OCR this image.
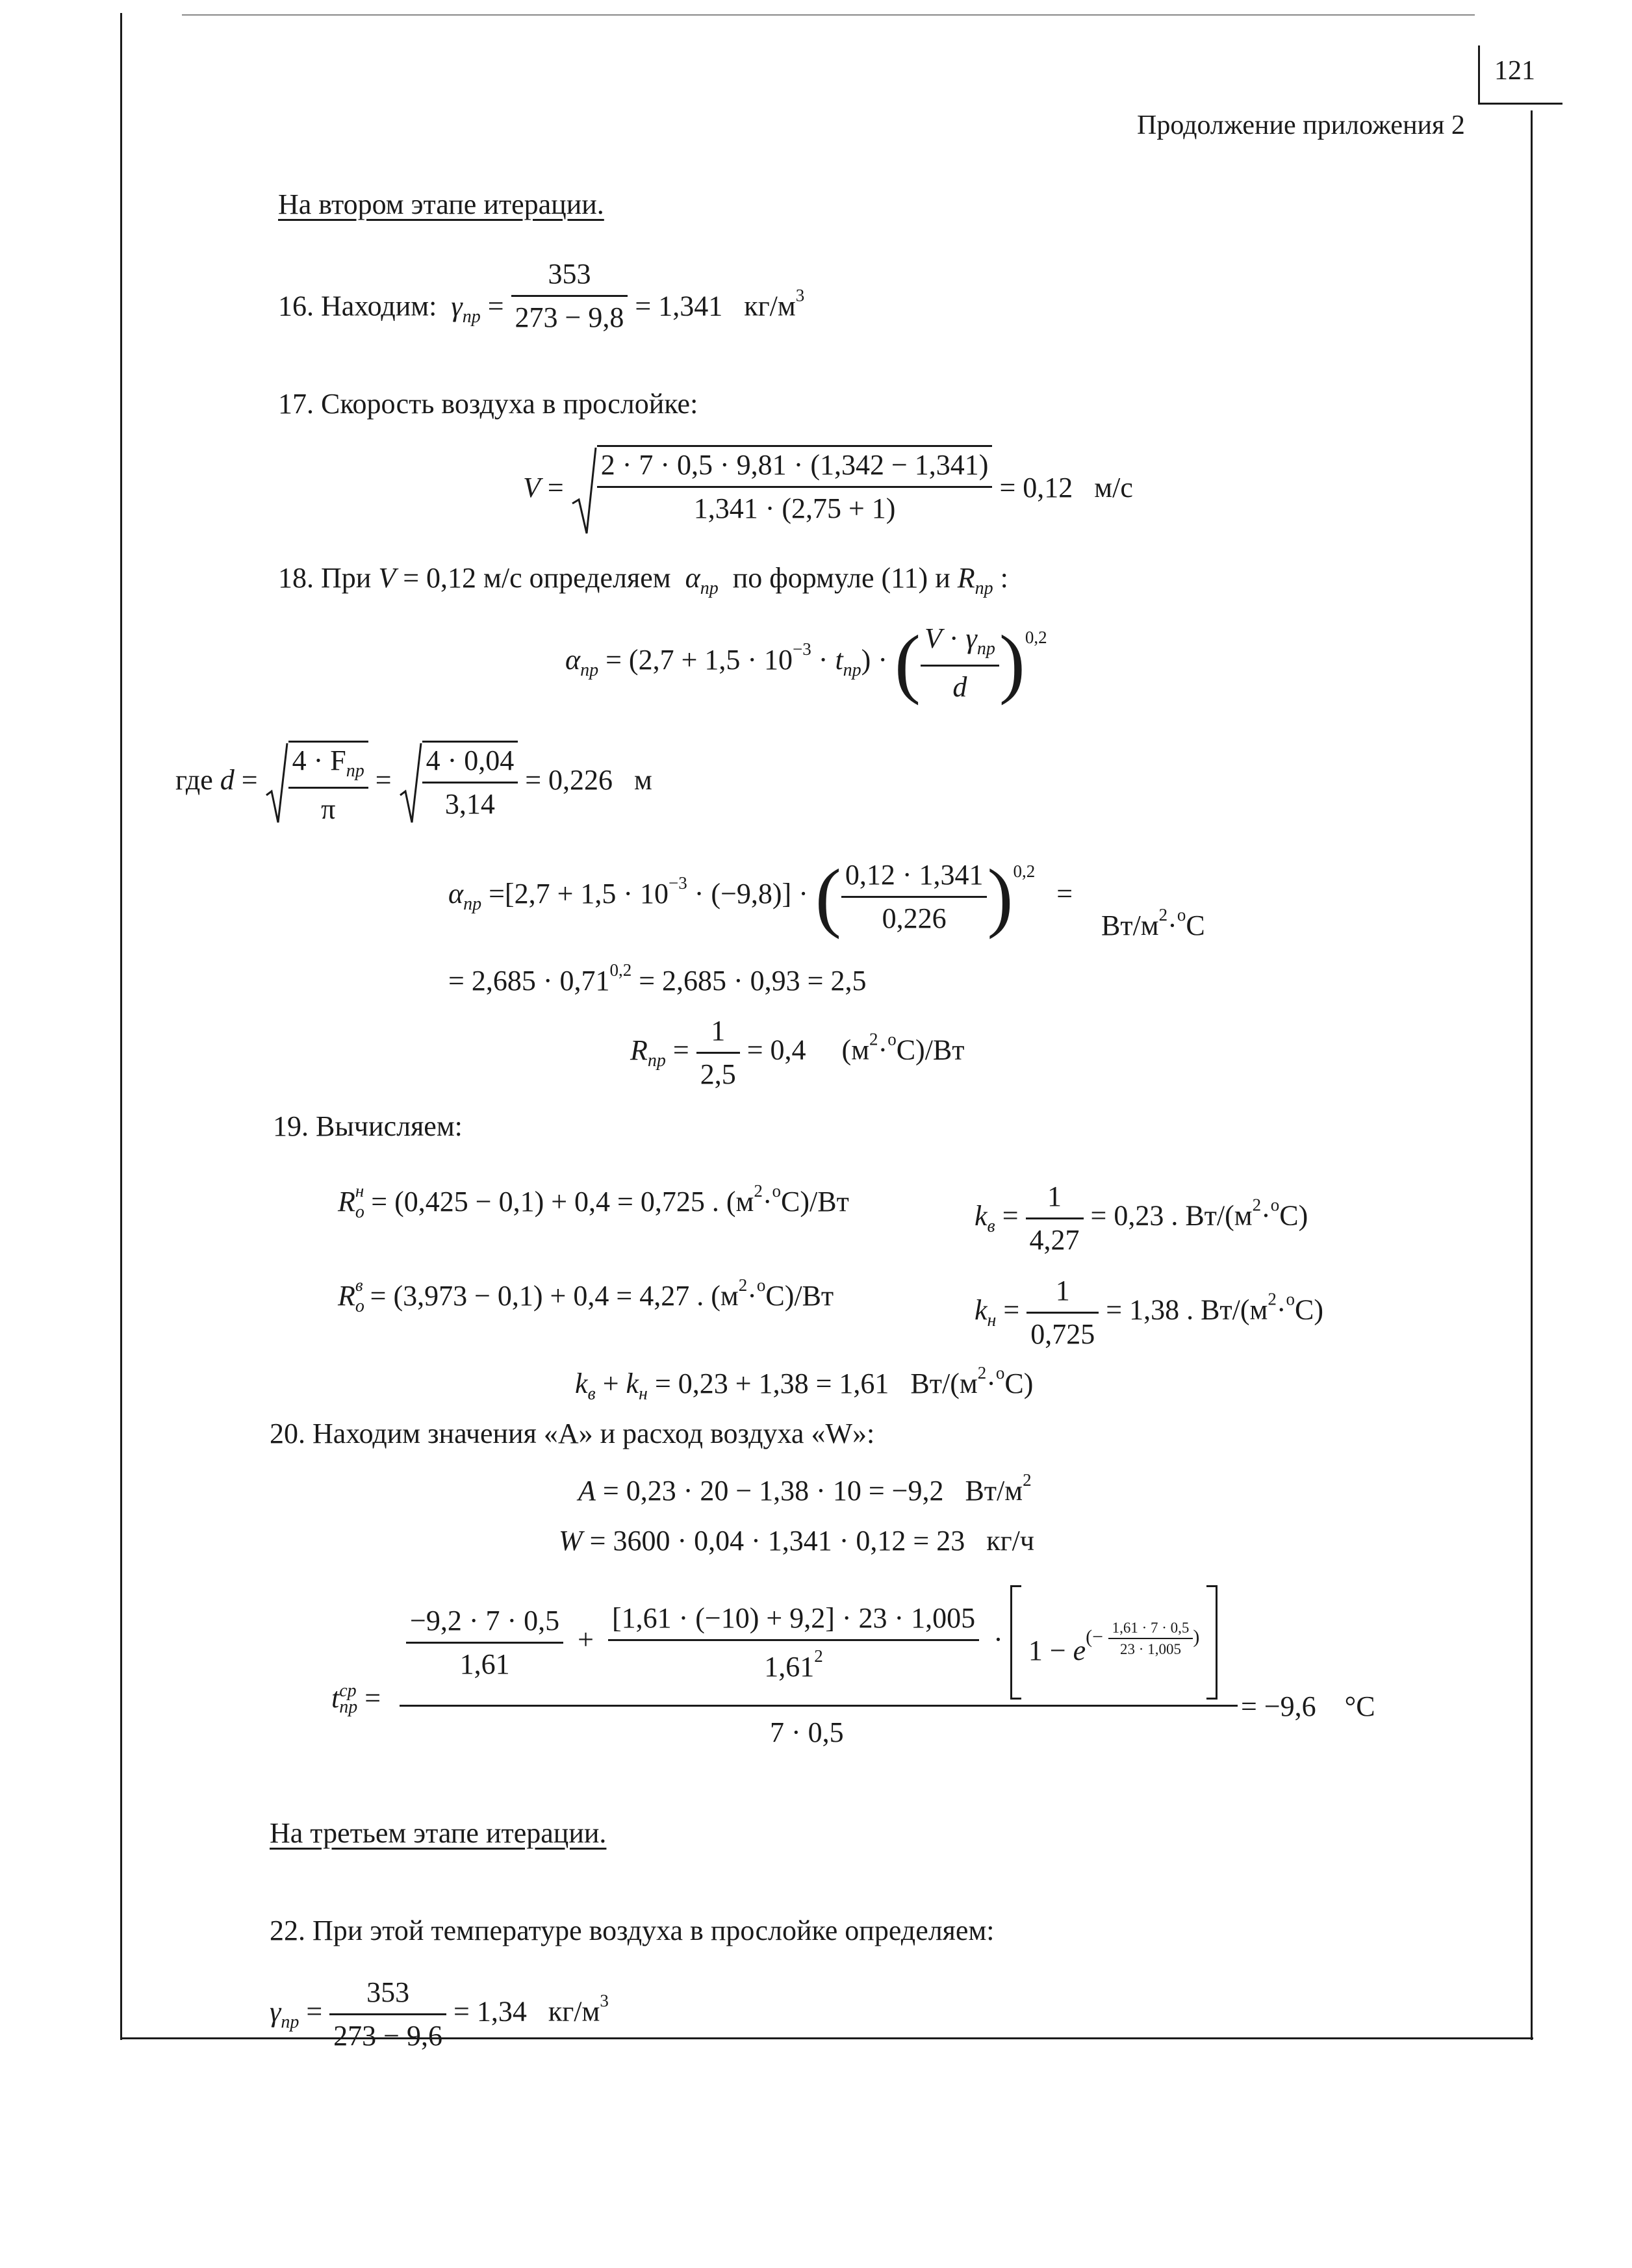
121
Продолжение приложения 2
На втором этапе итерации.
16. Находим:  $\gamma_{пр} = \frac{353}{273 - 9,8} = 1,341$ $кг/м^3$
17. Скорость воздуха в прослойке:
$V = \frac{2 \cdot 7 \cdot 0,5 \cdot 9,81 \cdot (1,342 - 1,341)}{1,341 \cdot (2,75 + 1)} = 0,12$ м/с
18. При V = 0,12 м/с определяем $\alpha_{пр}$ по формуле (11) и $R_{пр}$ :
$\alpha_{пр} = (2,7 + 1,5 \cdot 10^{-3} \cdot t_{пр})$ · ( $\frac{V \cdot \gamma_{пр}}{d} )^{0,2}$
где $d = \frac{4 \cdot F_{пр}}{\pi} = \frac{4 \cdot 0,04}{3,14} = 0,226$ м
$\alpha_{пр} =[2,7 + 1,5 \cdot 10^{-3} \cdot (-9,8)]$ · ( $\frac{0,12 \cdot 1,341}{0,226} )^{0,2}$   =
$Вт/м^2\cdot^oC$
= $2,685 \cdot 0,71^{0,2} = 2,685 \cdot 0,93 = 2,5$
$R_{пр} = \frac{1}{2,5} = 0,4$ $(м^2\cdot^oC)/Вт$
19. Вычисляем:
$R_о^н = (0,425 - 0,1) + 0,4 = 0,725$ . $(м^2\cdot^oC)/Вт$	$k_в = \frac{1}{4,27} = 0,23$ . $Вт/(м^2\cdot^oC)$
$R_о^в = (3,973 - 0,1) + 0,4 = 4,27$ . $(м^2\cdot^oC)/Вт$	$k_н = \frac{1}{0,725} = 1,38$ . $Вт/(м^2\cdot^oC)$
$k_в + k_н = 0,23 + 1,38 = 1,61$ $Вт/(м^2\cdot^oC)$
20. Находим значения «А» и расход воздуха «W»:
A = 0,23 · 20 − 1,38 · 10 = −9,2 $Вт/м^2$
W = 3600 · 0,04 · 1,341 · 0,12 = 23 кг/ч
$\frac{-9,2 \cdot 7 \cdot 0,5}{1,61} + \frac{[1,61 \cdot (-10) + 9,2] \cdot 23 \cdot 1,005}{1,61^2} \cdot 1 - e(- \frac{1,61 \cdot 7 \cdot 0,5}{23 \cdot 1,005}$ )
t ср
пр =
7 · 0,5
= −9,6 °C
На третьем этапе итерации.
22. При этой температуре воздуха в прослойке определяем:
$\gamma_{пр} = \frac{353}{273 - 9,6} = 1,34$ $кг/м^3$
